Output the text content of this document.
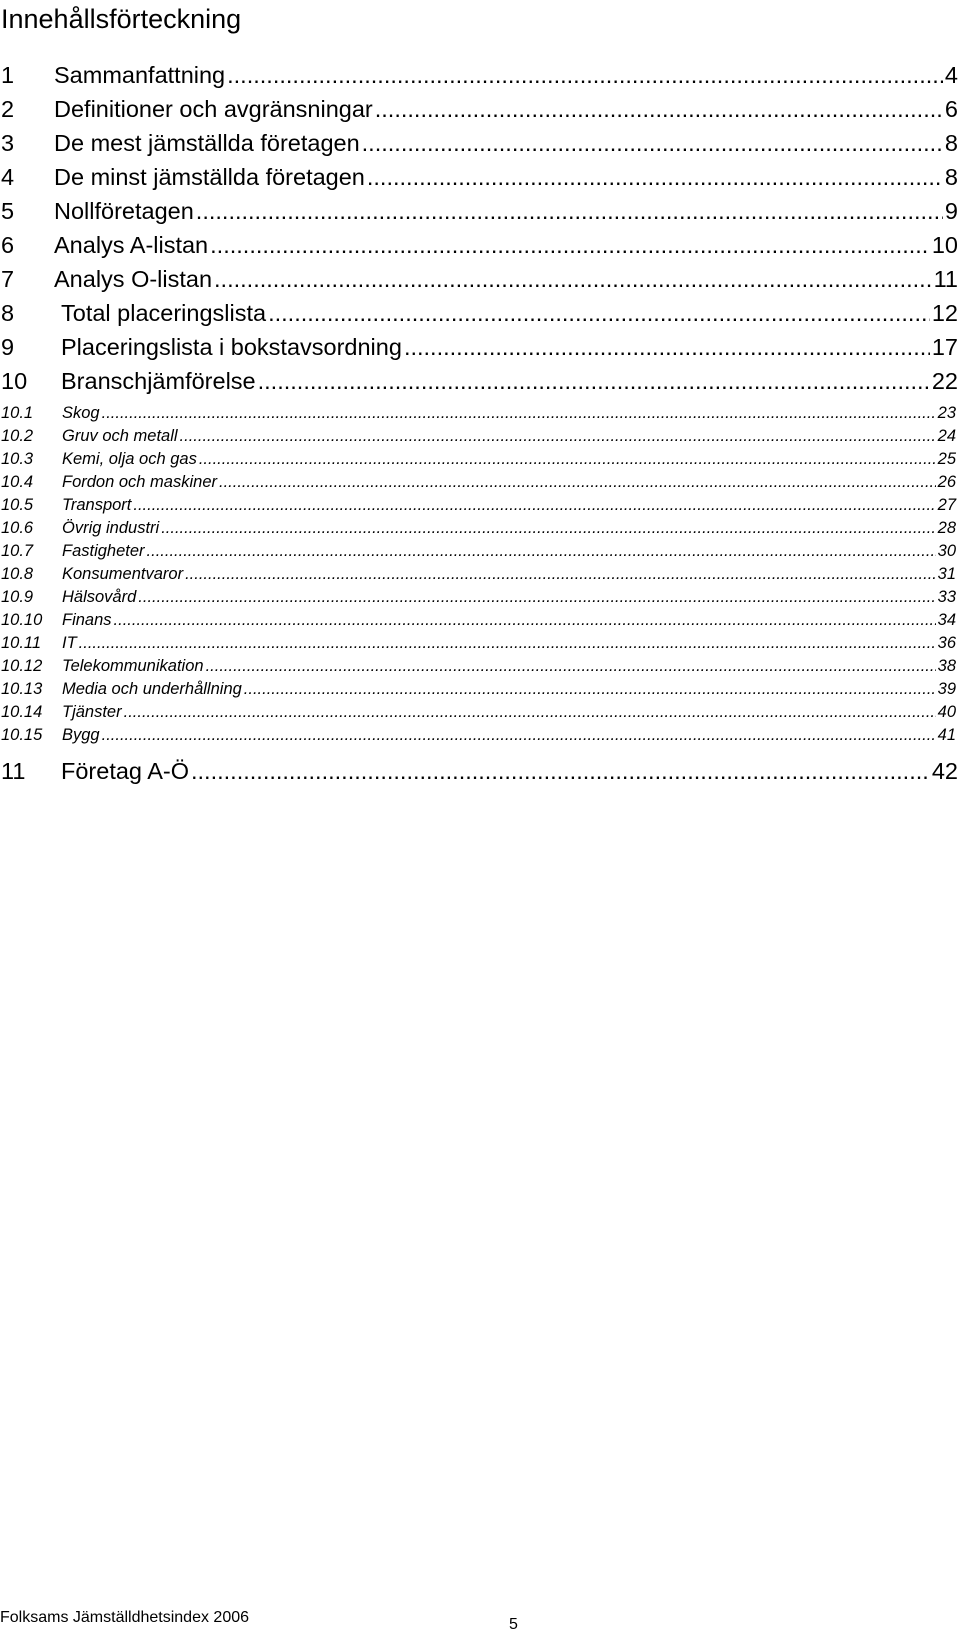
Innehållsförteckning
1	Sammanfattning .....	4
2	Definitioner och avgränsningar .....	6
3	De mest jämställda företagen .....	8
4	De minst jämställda företagen .....	8
5	Nollföretagen .....	9
6	Analys A-listan .....	10
7	Analys O-listan .....	11
8	Total placeringslista .....	12
9	Placeringslista i bokstavsordning .....	17
10	Branschjämförelse .....	22
10.1	Skog .....	23
10.2	Gruv och metall .....	24
10.3	Kemi, olja och gas .....	25
10.4	Fordon och maskiner .....	26
10.5	Transport .....	27
10.6	Övrig industri .....	28
10.7	Fastigheter .....	30
10.8	Konsumentvaror .....	31
10.9	Hälsovård .....	33
10.10	Finans .....	34
10.11	IT .....	36
10.12	Telekommunikation .....	38
10.13	Media och underhållning .....	39
10.14	Tjänster .....	40
10.15	Bygg .....	41
11	Företag A-Ö .....	42
Folksams Jämställdhetsindex 2006	5
